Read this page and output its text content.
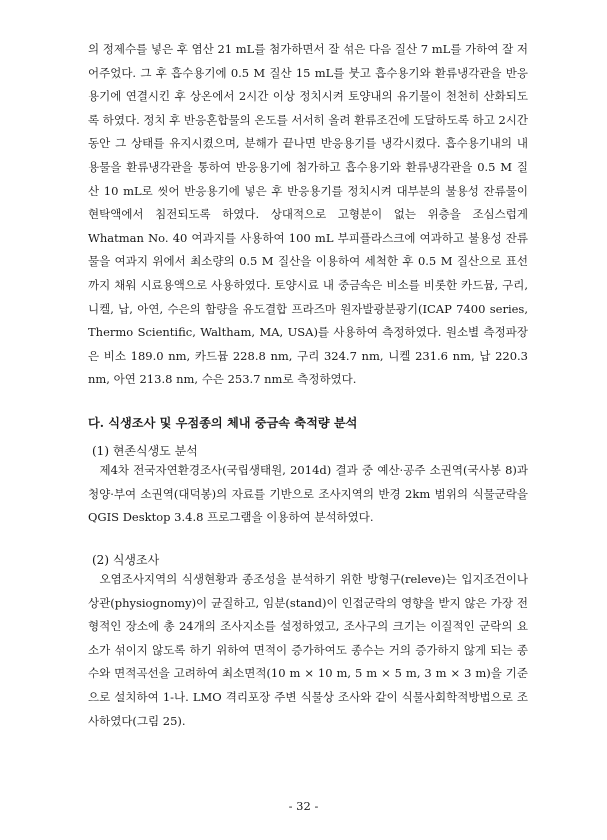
의 정제수를 넣은 후 염산 21 mL를 첨가하면서 잘 섞은 다음 질산 7 mL를 가하여 잘 저어주었다. 그 후 흡수용기에 0.5 M 질산 15 mL를 붓고 흡수용기와 환류냉각관을 반응용기에 연결시킨 후 상온에서 2시간 이상 정치시켜 토양내의 유기물이 천천히 산화되도록 하였다. 정치 후 반응혼합물의 온도를 서서히 올려 환류조건에 도달하도록 하고 2시간 동안 그 상태를 유지시켰으며, 분해가 끝나면 반응용기를 냉각시켰다. 흡수용기내의 내용물을 환류냉각관을 통하여 반응용기에 첨가하고 흡수용기와 환류냉각관을 0.5 M 질산 10 mL로 씻어 반응용기에 넣은 후 반응용기를 정치시켜 대부분의 불용성 잔류물이 현탁액에서 침전되도록 하였다. 상대적으로 고형분이 없는 위층을 조심스럽게 Whatman No. 40 여과지를 사용하여 100 mL 부피플라스크에 여과하고 불용성 잔류물을 여과지 위에서 최소량의 0.5 M 질산을 이용하여 세척한 후 0.5 M 질산으로 표선까지 채워 시료용액으로 사용하였다. 토양시료 내 중금속은 비소를 비롯한 카드뮴, 구리, 니켈, 납, 아연, 수은의 함량을 유도결합 프라즈마 원자발광분광기(ICAP 7400 series, Thermo Scientific, Waltham, MA, USA)를 사용하여 측정하였다. 원소별 측정파장은 비소 189.0 nm, 카드뮴 228.8 nm, 구리 324.7 nm, 니켈 231.6 nm, 납 220.3 nm, 아연 213.8 nm, 수은 253.7 nm로 측정하였다.

다. 식생조사 및 우점종의 체내 중금속 축적량 분석

(1) 현존식생도 분석

제4차 전국자연환경조사(국립생태원, 2014d) 결과 중 예산·공주 소권역(국사봉 8)과 청양·부여 소권역(대덕봉)의 자료를 기반으로 조사지역의 반경 2km 범위의 식물군락을 QGIS Desktop 3.4.8 프로그램을 이용하여 분석하였다.

(2) 식생조사

오염조사지역의 식생현황과 종조성을 분석하기 위한 방형구(releve)는 입지조건이나 상관(physiognomy)이 균질하고, 임분(stand)이 인접군락의 영향을 받지 않은 가장 전형적인 장소에 총 24개의 조사지소를 설정하였고, 조사구의 크기는 이질적인 군락의 요소가 섞이지 않도록 하기 위하여 면적이 증가하여도 종수는 거의 증가하지 않게 되는 종수와 면적곡선을 고려하여 최소면적(10 m × 10 m, 5 m × 5 m, 3 m × 3 m)을 기준으로 설치하여 1-나. LMO 격리포장 주변 식물상 조사와 같이 식물사회학적방법으로 조사하였다(그림 25).

- 32 -
